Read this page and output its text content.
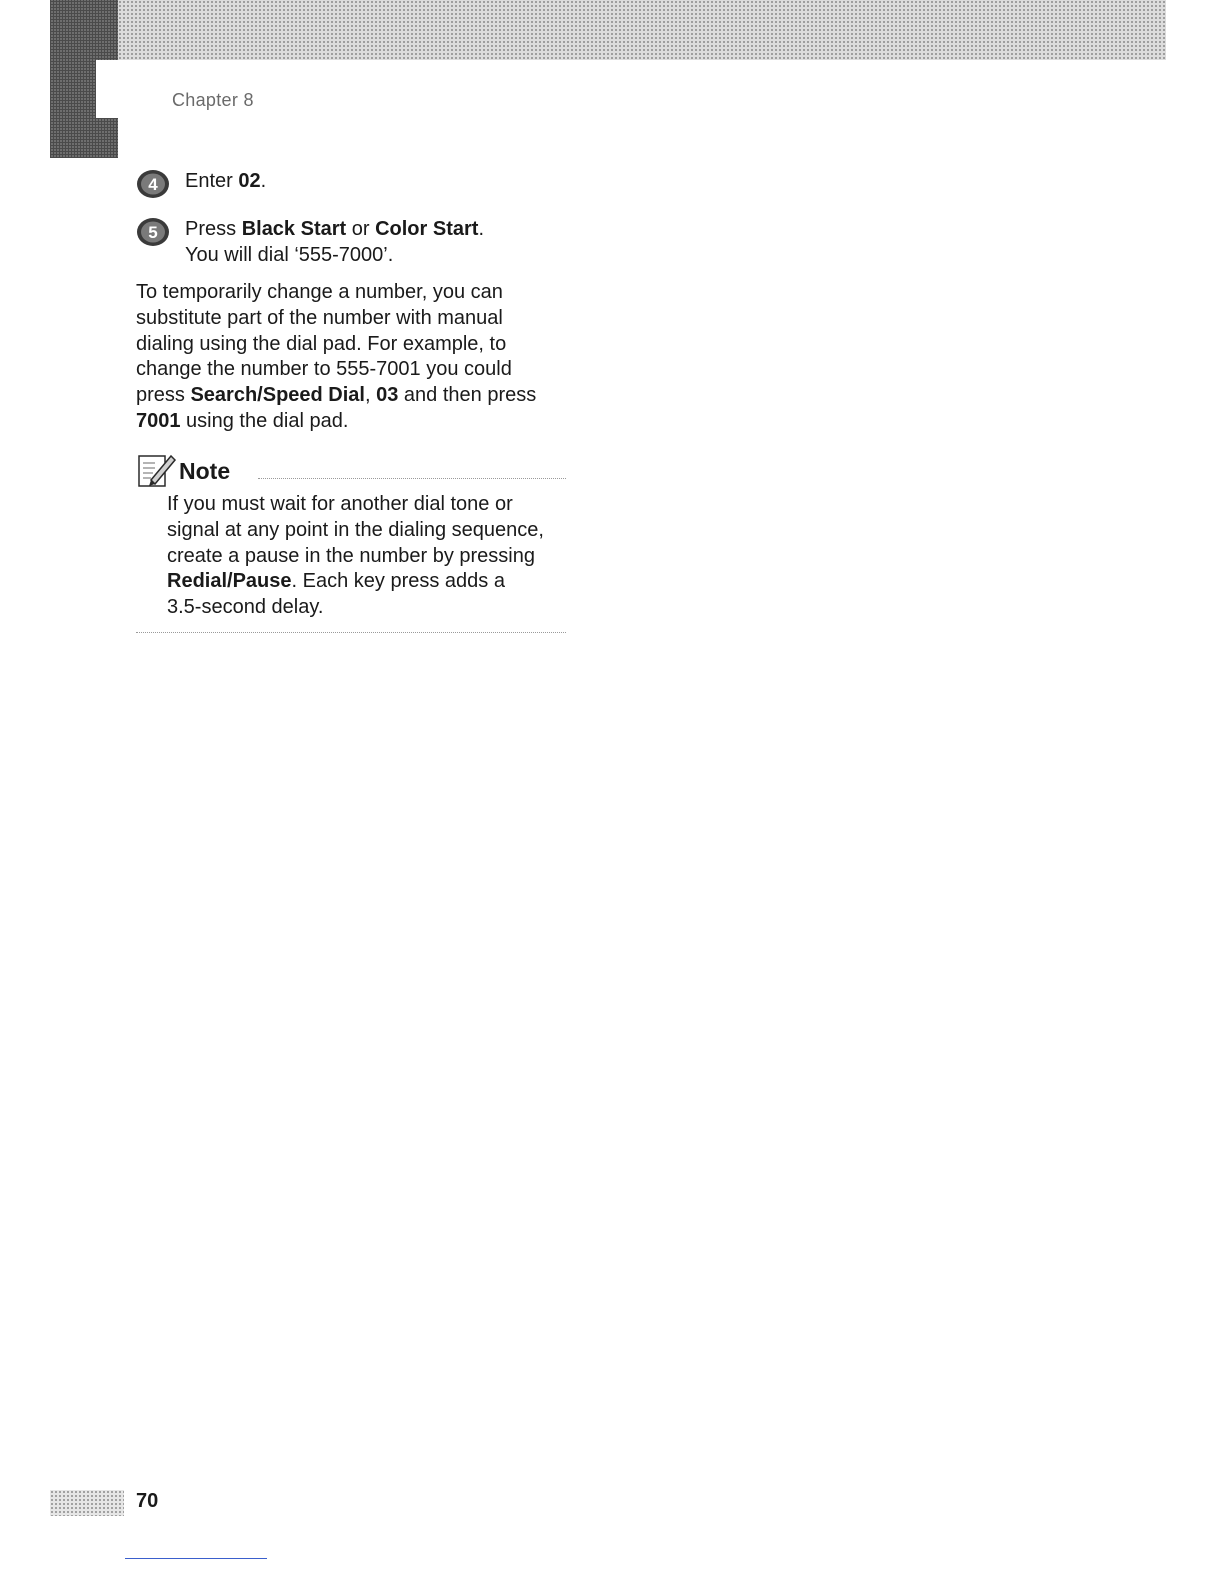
Chapter 8
4 Enter 02.
5 Press Black Start or Color Start.
You will dial ‘555-7000’.
To temporarily change a number, you can
substitute part of the number with manual
dialing using the dial pad. For example, to
change the number to 555-7001 you could
press Search/Speed Dial, 03 and then press
7001 using the dial pad.
Note
If you must wait for another dial tone or
signal at any point in the dialing sequence,
create a pause in the number by pressing
Redial/Pause. Each key press adds a
3.5-second delay.
70
